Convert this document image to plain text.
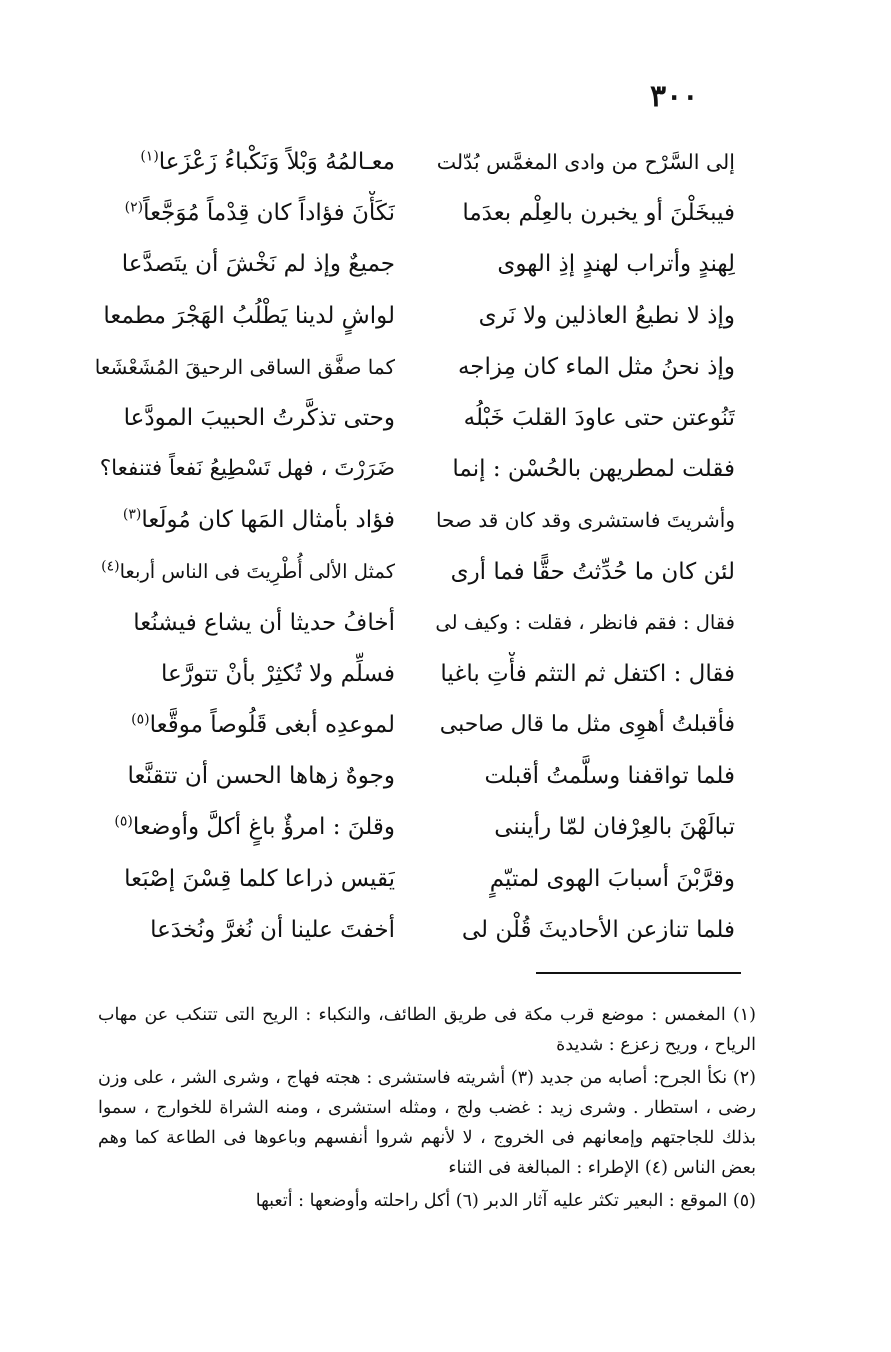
٣٠٠
إلى السَّرْح من وادى المغمَّس بُدّلت
معـالمُهُ وَبْلاً وَنَكْباءُ زَعْزَعا$^{(١)}$
فيبخَلْنَ أو يخبرن بالعِلْم بعدَما
نَكَأْنَ فؤاداً كان قِدْماً مُوَجَّعاً$^{(٢)}$
لِهندٍ وأتراب لهندٍ إذِ الهوى
جميعٌ وإذ لم نَخْشَ أن يتَصدَّعا
وإذ لا نطيعُ العاذلين ولا نَرى
لواشٍ لدينا يَطْلُبُ الهَجْرَ مطمعا
وإذ نحنُ مثل الماء كان مِزاجه
كما صفَّق الساقى الرحيقَ المُشَعْشَعا
تَنُوعتن حتى عاودَ القلبَ خَبْلُه
وحتى تذكَّرتُ الحبيبَ المودَّعا
فقلت لمطريهن بالحُسْن : إنما
ضَرَرْتَ ، فهل تَسْطِيعُ نَفعاً فتنفعا؟
وأشريتَ فاستشرى وقد كان قد صحا
فؤاد بأمثال المَها كان مُولَعا$^{(٣)}$
لئن كان ما حُدِّثتُ حقًّا فما أرى
كمثل الألى أُطْرِيتَ فى الناس أربعا$^{(٤)}$
فقال : فقم فانظر ، فقلت : وكيف لى
أخافُ حديثا أن يشاع فيشنُعا
فقال : اكتفل ثم التثم فأْتِ باغيا
فسلِّم ولا تُكثِرْ بأنْ تتورَّعا
فأقبلتُ أهوِى مثل ما قال صاحبى
لموعدِه أبغى قَلُوصاً موقَّعا$^{(٥)}$
فلما تواقفنا وسلَّمتُ أقبلت
وجوهٌ زهاها الحسن أن تتقنَّعا
تبالَهْنَ بالعِرْفان لمّا رأيننى
وقلنَ : امرؤٌ باغٍ أكلَّ وأوضعا$^{(٥)}$
وقرَّبْنَ أسبابَ الهوى لمتيّمٍ
يَقيس ذراعا كلما قِسْنَ إصْبَعا
فلما تنازعن الأحاديثَ قُلْن لى
أخفتَ علينا أن نُغرَّ ونُخدَعا

(١) المغمس : موضع قرب مكة فى طريق الطائف، والنكباء : الريح التى تتنكب عن مهاب الرياح ، وريح زعزع : شديدة

(٢) نكأ الجرح: أصابه من جديد (٣) أشريته فاستشرى : هجته فهاج ، وشرى الشر ، على وزن رضى ، استطار . وشرى زيد : غضب ولج ، ومثله استشرى ، ومنه الشراة للخوارج ، سموا بذلك للجاجتهم وإمعانهم فى الخروج ، لا لأنهم شروا أنفسهم وباعوها فى الطاعة كما وهم بعض الناس (٤) الإطراء : المبالغة فى الثناء

(٥) الموقع : البعير تكثر عليه آثار الدبر (٦) أكل راحلته وأوضعها : أتعبها
